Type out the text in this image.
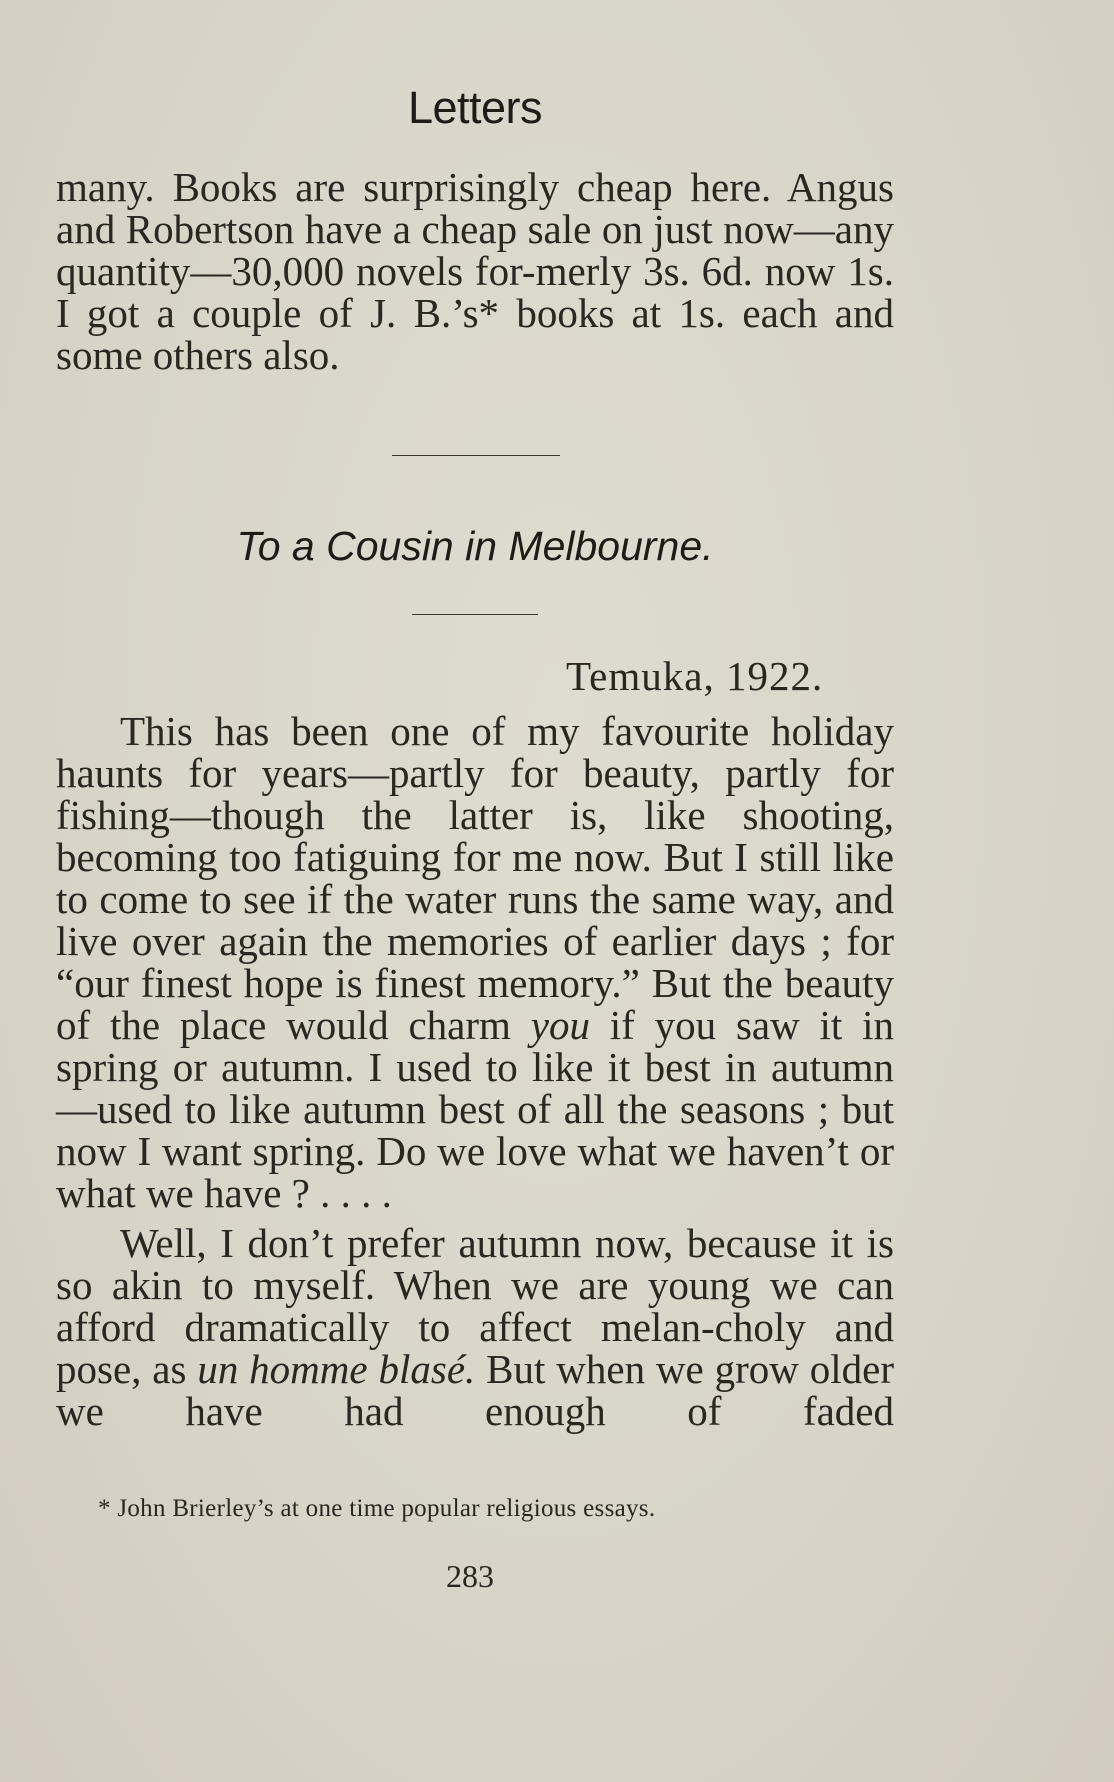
Letters

many. Books are surprisingly cheap here. Angus and Robertson have a cheap sale on just now—any quantity—30,000 novels for-merly 3s. 6d. now 1s. I got a couple of J. B.’s* books at 1s. each and some others also.

To a Cousin in Melbourne.
Temuka, 1922.

This has been one of my favourite holiday haunts for years—partly for beauty, partly for fishing—though the latter is, like shooting, becoming too fatiguing for me now. But I still like to come to see if the water runs the same way, and live over again the memories of earlier days ; for “our finest hope is finest memory.” But the beauty of the place would charm you if you saw it in spring or autumn. I used to like it best in autumn—used to like autumn best of all the seasons ; but now I want spring. Do we love what we haven’t or what we have ? . . . .

Well, I don’t prefer autumn now, because it is so akin to myself. When we are young we can afford dramatically to affect melan-choly and pose, as un homme blasé. But when we grow older we have had enough of faded

* John Brierley’s at one time popular religious essays.
283
